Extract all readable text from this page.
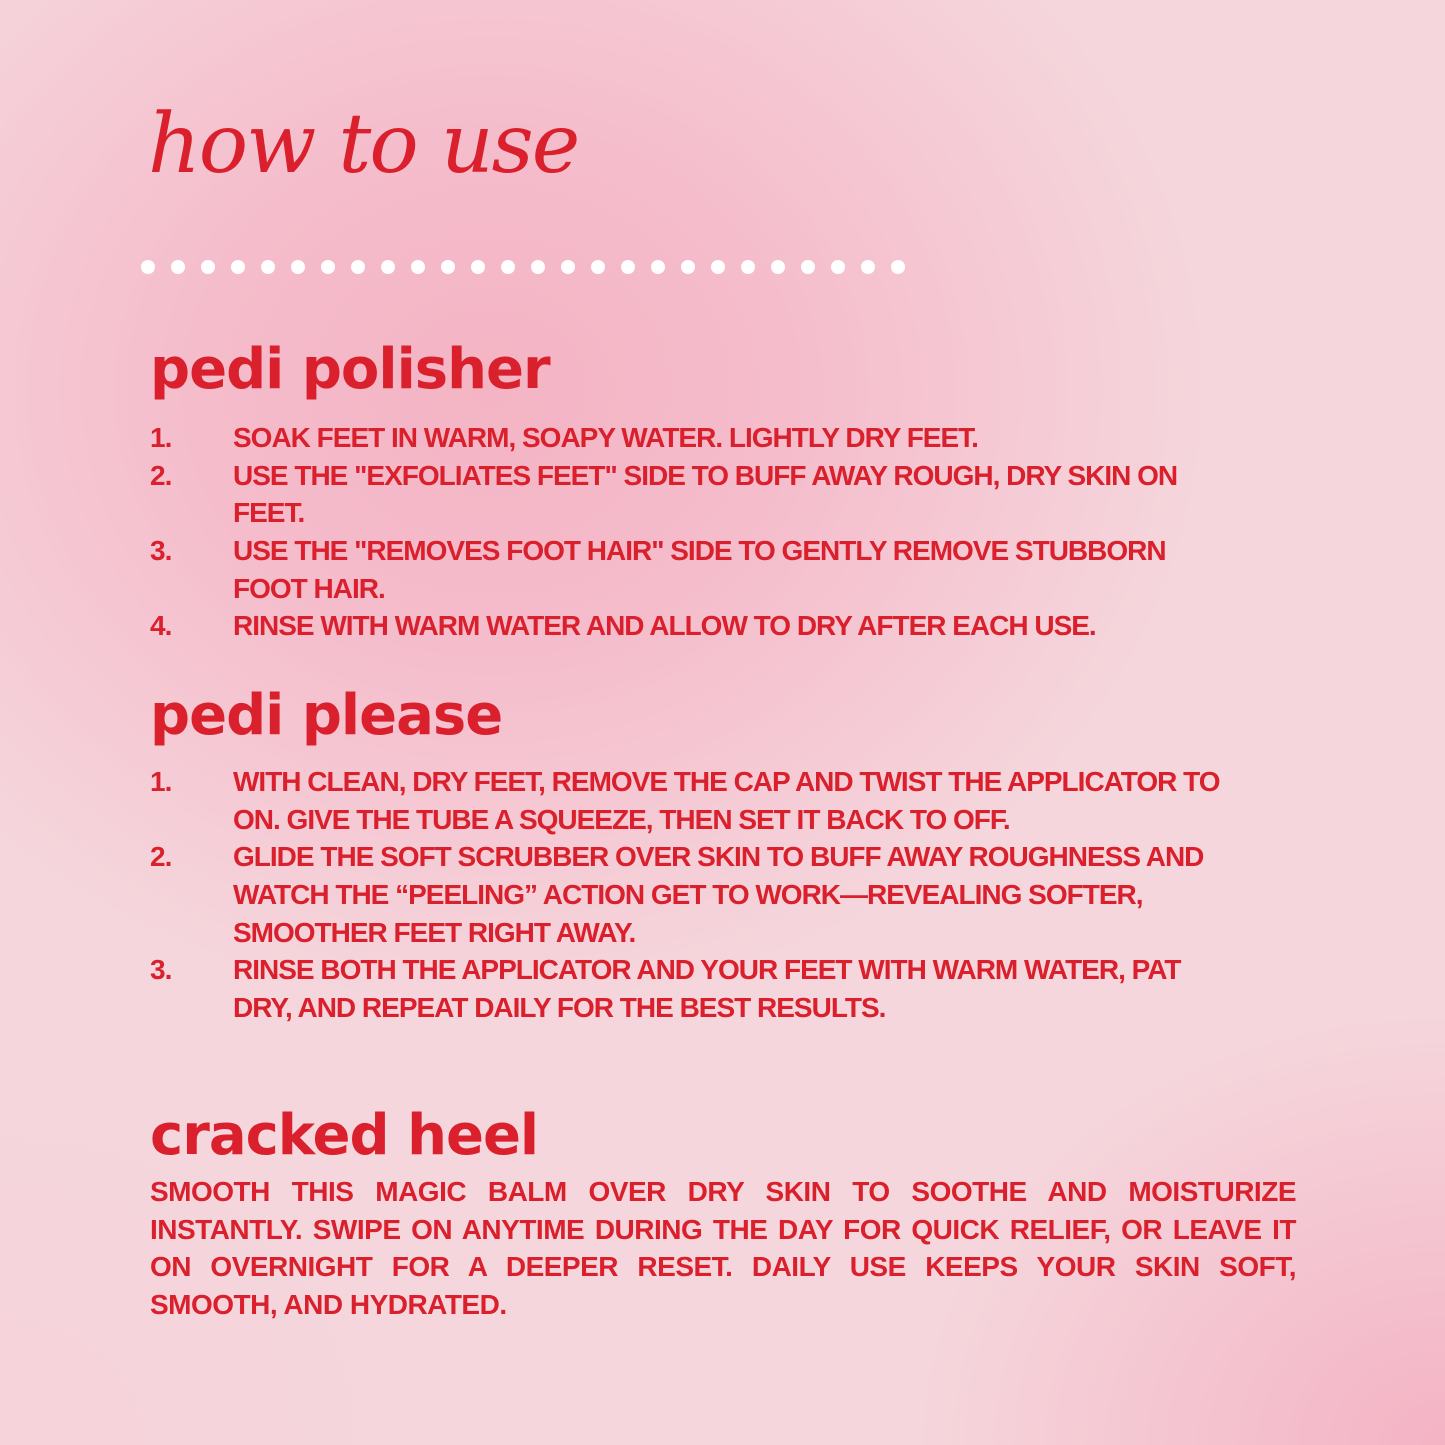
how to use
pedi polisher
1.	SOAK FEET IN WARM, SOAPY WATER. LIGHTLY DRY FEET.
2.	USE THE "EXFOLIATES FEET" SIDE TO BUFF AWAY ROUGH, DRY SKIN ON FEET.
3.	USE THE "REMOVES FOOT HAIR" SIDE TO GENTLY REMOVE STUBBORN FOOT HAIR.
4.	RINSE WITH WARM WATER AND ALLOW TO DRY AFTER EACH USE.
pedi please
1.	WITH CLEAN, DRY FEET, REMOVE THE CAP AND TWIST THE APPLICATOR TO ON. GIVE THE TUBE A SQUEEZE, THEN SET IT BACK TO OFF.
2.	GLIDE THE SOFT SCRUBBER OVER SKIN TO BUFF AWAY ROUGHNESS AND WATCH THE “PEELING” ACTION GET TO WORK—REVEALING SOFTER, SMOOTHER FEET RIGHT AWAY.
3.	RINSE BOTH THE APPLICATOR AND YOUR FEET WITH WARM WATER, PAT DRY, AND REPEAT DAILY FOR THE BEST RESULTS.
cracked heel

SMOOTH THIS MAGIC BALM OVER DRY SKIN TO SOOTHE AND MOISTURIZE INSTANTLY. SWIPE ON ANYTIME DURING THE DAY FOR QUICK RELIEF, OR LEAVE IT ON OVERNIGHT FOR A DEEPER RESET. DAILY USE KEEPS YOUR SKIN SOFT, SMOOTH, AND HYDRATED.
